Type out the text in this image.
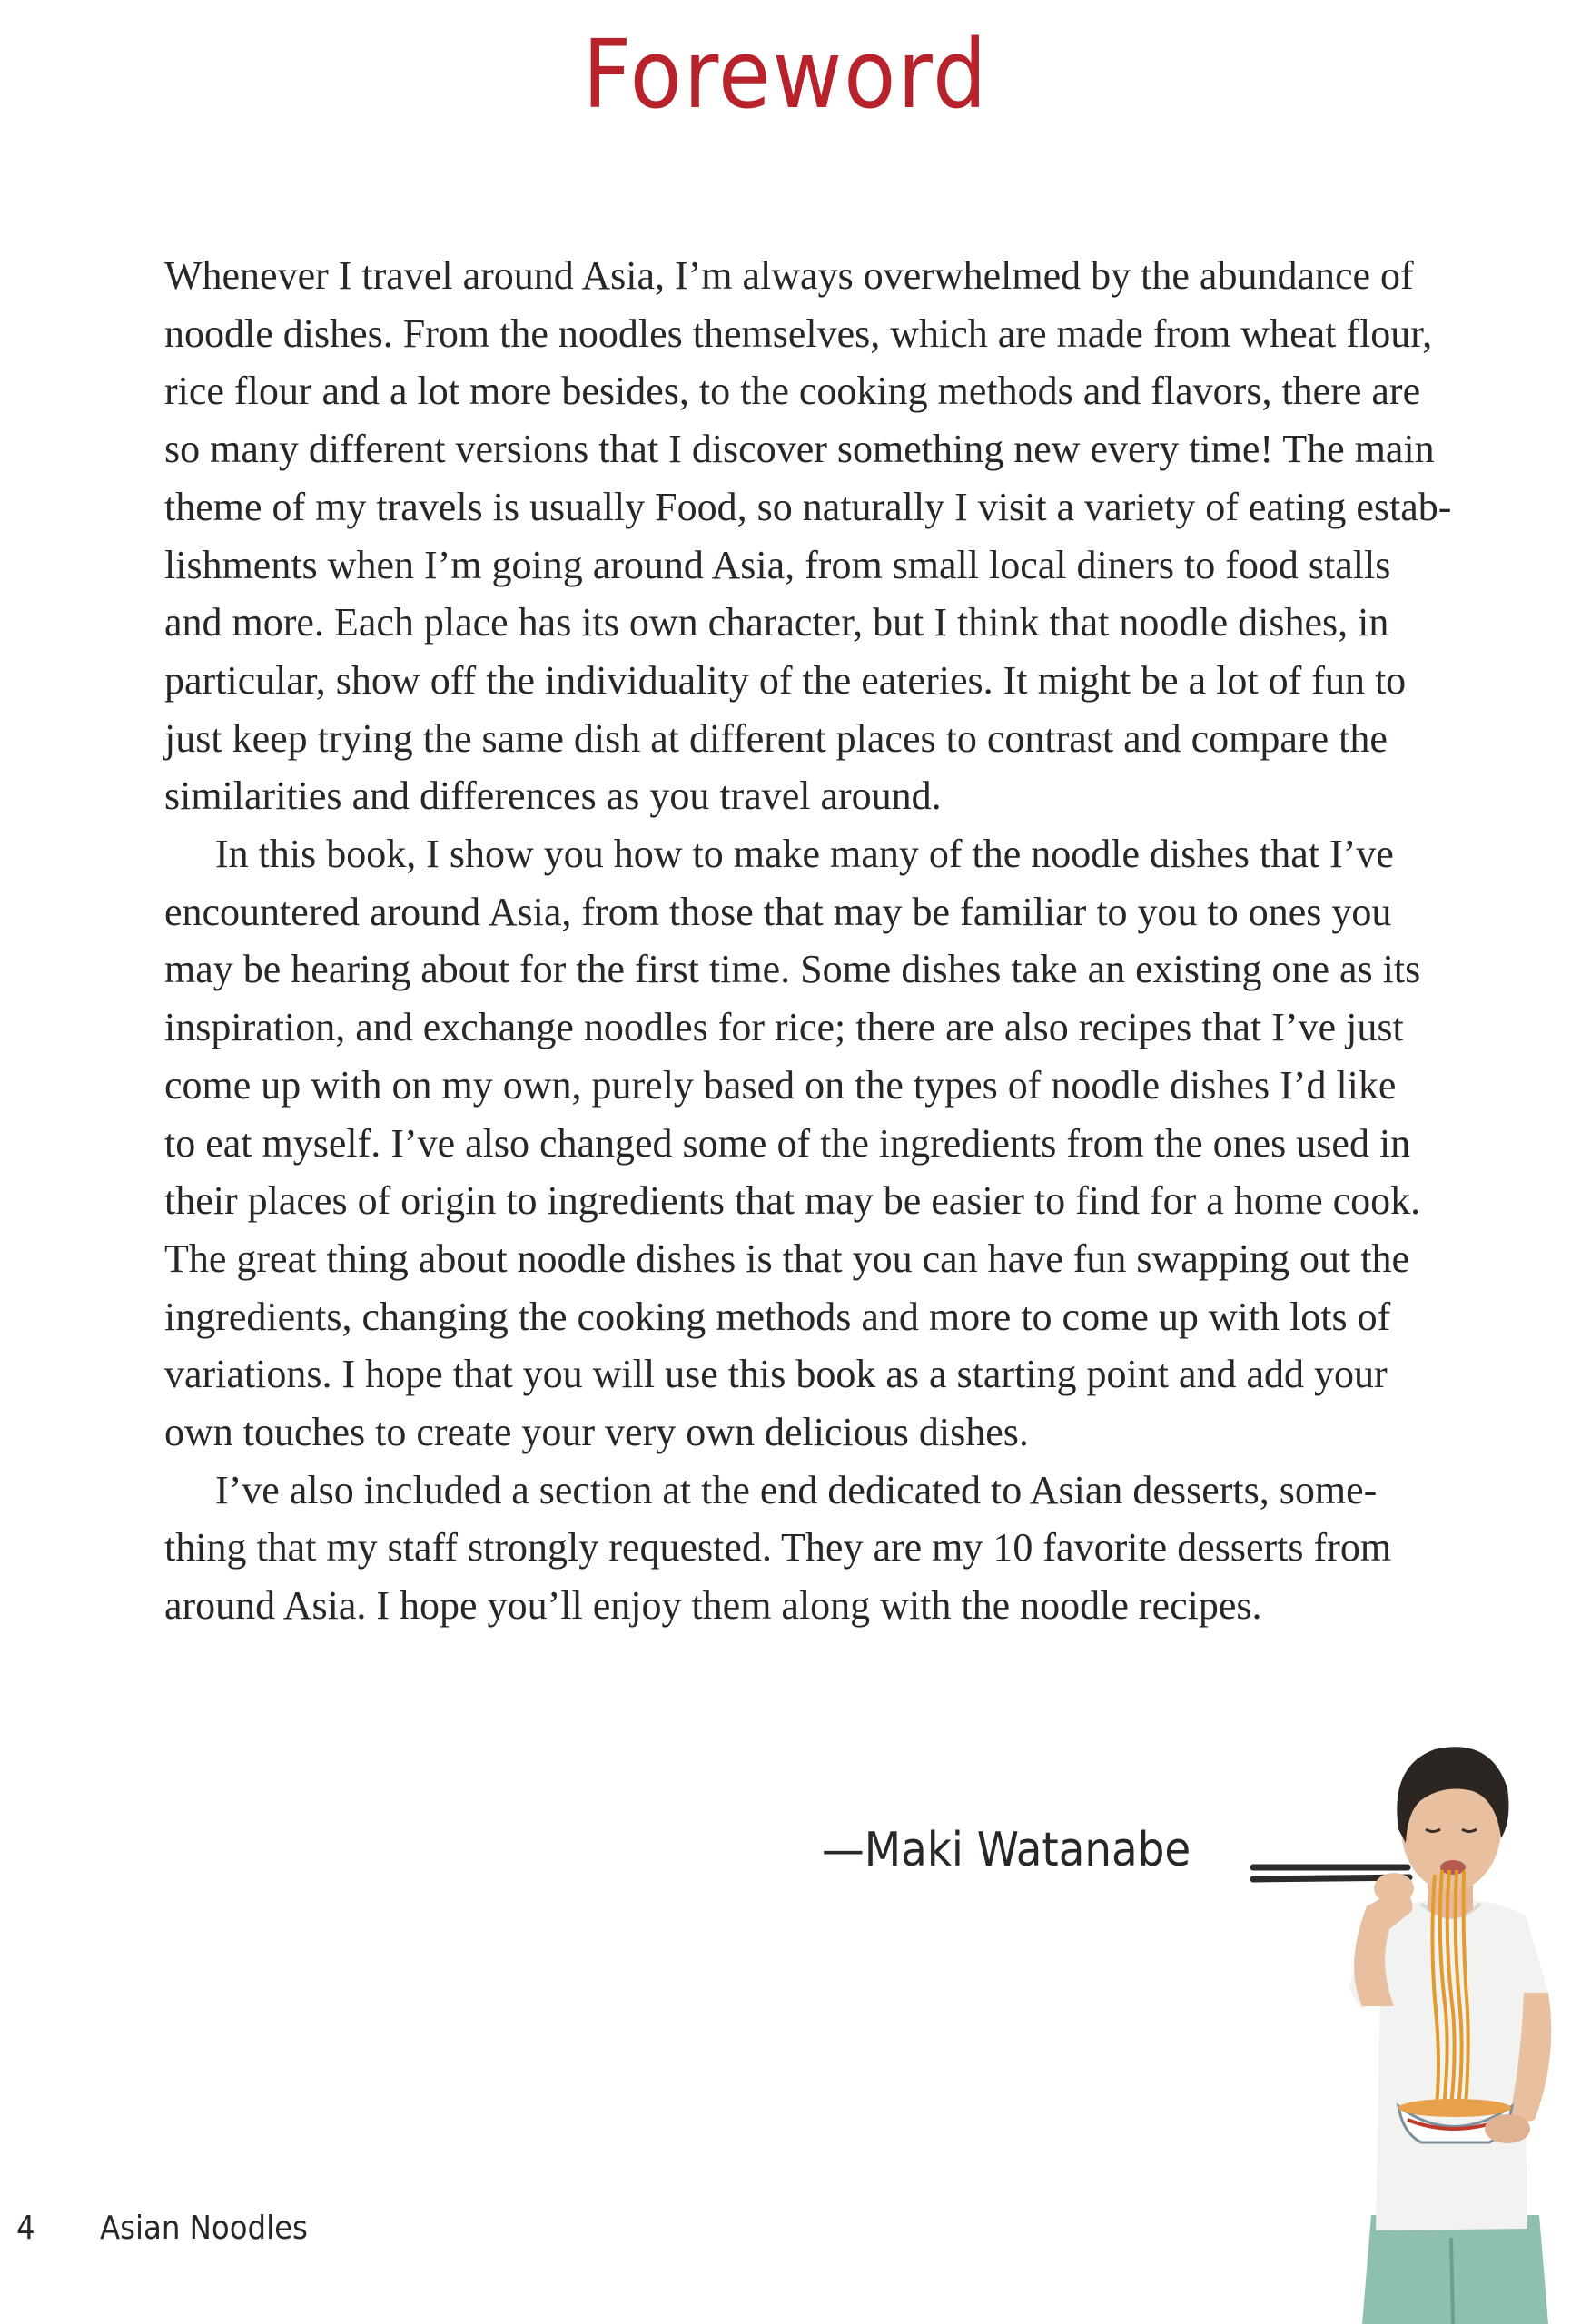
Foreword

Whenever I travel around Asia, I’m always overwhelmed by the abundance of
noodle dishes. From the noodles themselves, which are made from wheat flour,
rice flour and a lot more besides, to the cooking methods and flavors, there are
so many different versions that I discover something new every time! The main
theme of my travels is usually Food, so naturally I visit a variety of eating estab-
lishments when I’m going around Asia, from small local diners to food stalls
and more. Each place has its own character, but I think that noodle dishes, in
particular, show off the individuality of the eateries. It might be a lot of fun to
just keep trying the same dish at different places to contrast and compare the
similarities and differences as you travel around.

In this book, I show you how to make many of the noodle dishes that I’ve
encountered around Asia, from those that may be familiar to you to ones you
may be hearing about for the first time. Some dishes take an existing one as its
inspiration, and exchange noodles for rice; there are also recipes that I’ve just
come up with on my own, purely based on the types of noodle dishes I’d like
to eat myself. I’ve also changed some of the ingredients from the ones used in
their places of origin to ingredients that may be easier to find for a home cook.
The great thing about noodle dishes is that you can have fun swapping out the
ingredients, changing the cooking methods and more to come up with lots of
variations. I hope that you will use this book as a starting point and add your
own touches to create your very own delicious dishes.

I’ve also included a section at the end dedicated to Asian desserts, some-
thing that my staff strongly requested. They are my 10 favorite desserts from
around Asia. I hope you’ll enjoy them along with the noodle recipes.

—Maki Watanabe
4 Asian Noodles
